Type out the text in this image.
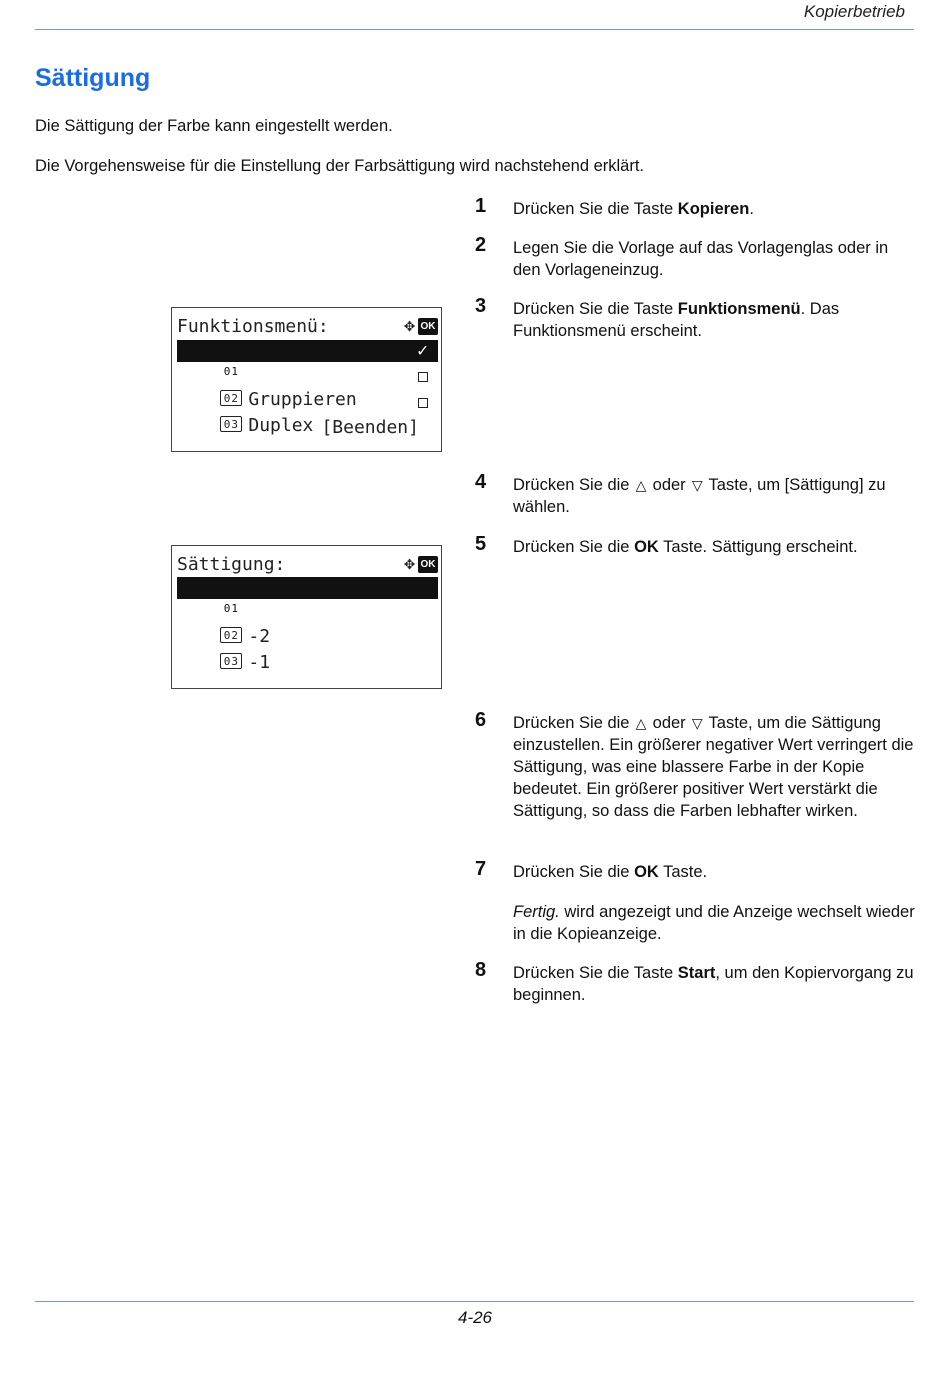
Kopierbetrieb
Sättigung

Die Sättigung der Farbe kann eingestellt werden.

Die Vorgehensweise für die Einstellung der Farbsättigung wird nachstehend erklärt.

1 Drücken Sie die Taste Kopieren.
2 Legen Sie die Vorlage auf das Vorlagenglas oder in den Vorlageneinzug.
3 Drücken Sie die Taste Funktionsmenü. Das Funktionsmenü erscheint.
Funktionsmenü:	✥ OK

01 Papierauswahl

✓

02 Gruppieren

03 Duplex

[Beenden]
4 Drücken Sie die △ oder ▽ Taste, um [Sättigung] zu wählen.
5 Drücken Sie die OK Taste. Sättigung erscheint.
Sättigung:	✥ OK

01 *-3(Gräulich)

02 -2

03 -1

6 Drücken Sie die △ oder ▽ Taste, um die Sättigung einzustellen. Ein größerer negativer Wert verringert die Sättigung, was eine blassere Farbe in der Kopie bedeutet. Ein größerer positiver Wert verstärkt die Sättigung, so dass die Farben lebhafter wirken.
7 Drücken Sie die OK Taste.
Fertig. wird angezeigt und die Anzeige wechselt wieder in die Kopieanzeige.
8 Drücken Sie die Taste Start, um den Kopiervorgang zu beginnen.
4-26
